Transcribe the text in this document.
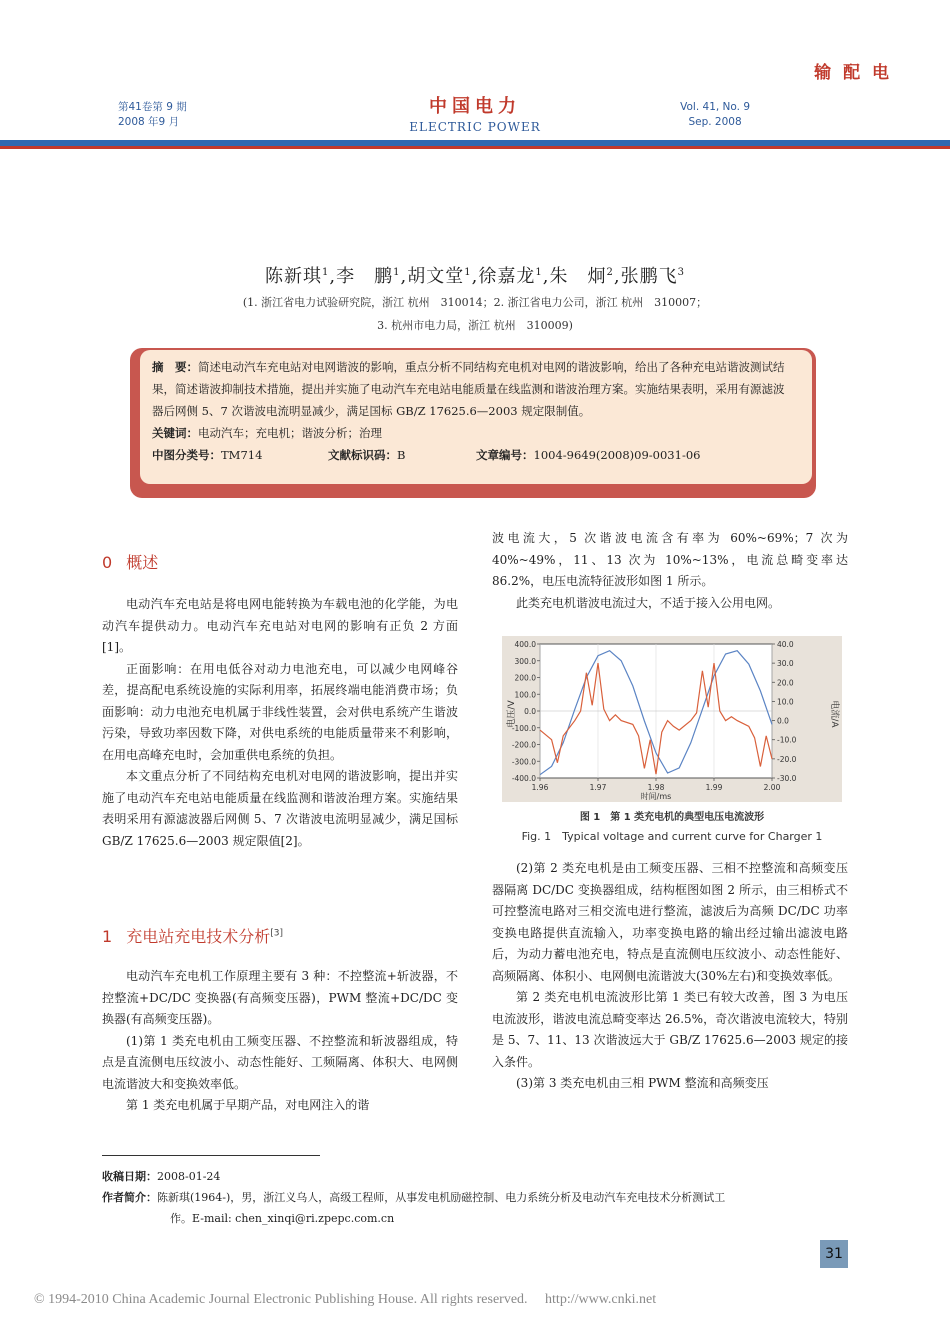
输 配 电
第41卷第 9 期
2008 年9 月
中国电力
ELECTRIC POWER
Vol. 41, No. 9
Sep. 2008
陈新琪$^1$,李　鹏$^1$,胡文堂$^1$,徐嘉龙$^1$,朱　炯$^2$,张鹏飞$^3$
(1. 浙江省电力试验研究院，浙江 杭州　310014；2. 浙江省电力公司，浙江 杭州　310007；
3. 杭州市电力局，浙江 杭州　310009)
摘　要：简述电动汽车充电站对电网谐波的影响，重点分析不同结构充电机对电网的谐波影响，给出了各种充电站谐波测试结果，简述谐波抑制技术措施，提出并实施了电动汽车充电站电能质量在线监测和谐波治理方案。实施结果表明，采用有源滤波器后网侧 5、7 次谐波电流明显减少，满足国标 GB/Z 17625.6—2003 规定限制值。
关键词：电动汽车；充电机；谐波分析；治理
中图分类号：TM714	文献标识码：B	文章编号：1004-9649(2008)09-0031-06
0 概述

电动汽车充电站是将电网电能转换为车载电池的化学能，为电动汽车提供动力。电动汽车充电站对电网的影响有正负 2 方面[1]。

正面影响：在用电低谷对动力电池充电，可以减少电网峰谷差，提高配电系统设施的实际利用率，拓展终端电能消费市场；负面影响：动力电池充电机属于非线性装置，会对供电系统产生谐波污染，导致功率因数下降，对供电系统的电能质量带来不利影响，在用电高峰充电时，会加重供电系统的负担。

本文重点分析了不同结构充电机对电网的谐波影响，提出并实施了电动汽车充电站电能质量在线监测和谐波治理方案。实施结果表明采用有源滤波器后网侧 5、7 次谐波电流明显减少，满足国标 GB/Z 17625.6—2003 规定限值[2]。

1 充电站充电技术分析[3]

电动汽车充电机工作原理主要有 3 种：不控整流+斩波器，不控整流+DC/DC 变换器(有高频变压器)，PWM 整流+DC/DC 变换器(有高频变压器)。

(1)第 1 类充电机由工频变压器、不控整流和斩波器组成，特点是直流侧电压纹波小、动态性能好、工频隔离、体积大、电网侧电流谐波大和变换效率低。

第 1 类充电机属于早期产品，对电网注入的谐

波电流大，5 次谐波电流含有率为 60%~69%；7 次为 40%~49%，11、13 次为 10%~13%，电流总畸变率达 86.2%，电压电流特征波形如图 1 所示。

此类充电机谐波电流过大，不适于接入公用电网。

400.0
300.0
200.0
100.0
0.0
-100.0
-200.0
-300.0
-400.0
40.0
30.0
20.0
10.0
0.0
-10.0
-20.0
-30.0
1.96	1.97	1.98	1.99	2.00
电压/V	电流/A
时间/ms
图 1　第 1 类充电机的典型电压电流波形
Fig. 1　Typical voltage and current curve for Charger 1

(2)第 2 类充电机是由工频变压器、三相不控整流和高频变压器隔离 DC/DC 变换器组成，结构框图如图 2 所示，由三相桥式不可控整流电路对三相交流电进行整流，滤波后为高频 DC/DC 功率变换电路提供直流输入，功率变换电路的输出经过输出滤波电路后，为动力蓄电池充电，特点是直流侧电压纹波小、动态性能好、高频隔离、体积小、电网侧电流谐波大(30%左右)和变换效率低。

第 2 类充电机电流波形比第 1 类已有较大改善，图 3 为电压电流波形，谐波电流总畸变率达 26.5%，奇次谐波电流较大，特别是 5、7、11、13 次谐波远大于 GB/Z 17625.6—2003 规定的接入条件。

(3)第 3 类充电机由三相 PWM 整流和高频变压

收稿日期：2008-01-24
作者简介：陈新琪(1964-)，男，浙江义乌人，高级工程师，从事发电机励磁控制、电力系统分析及电动汽车充电技术分析测试工
作。E-mail: chen_xinqi@ri.zpepc.com.cn
31
© 1994-2010 China Academic Journal Electronic Publishing House. All rights reserved.　 http://www.cnki.net
